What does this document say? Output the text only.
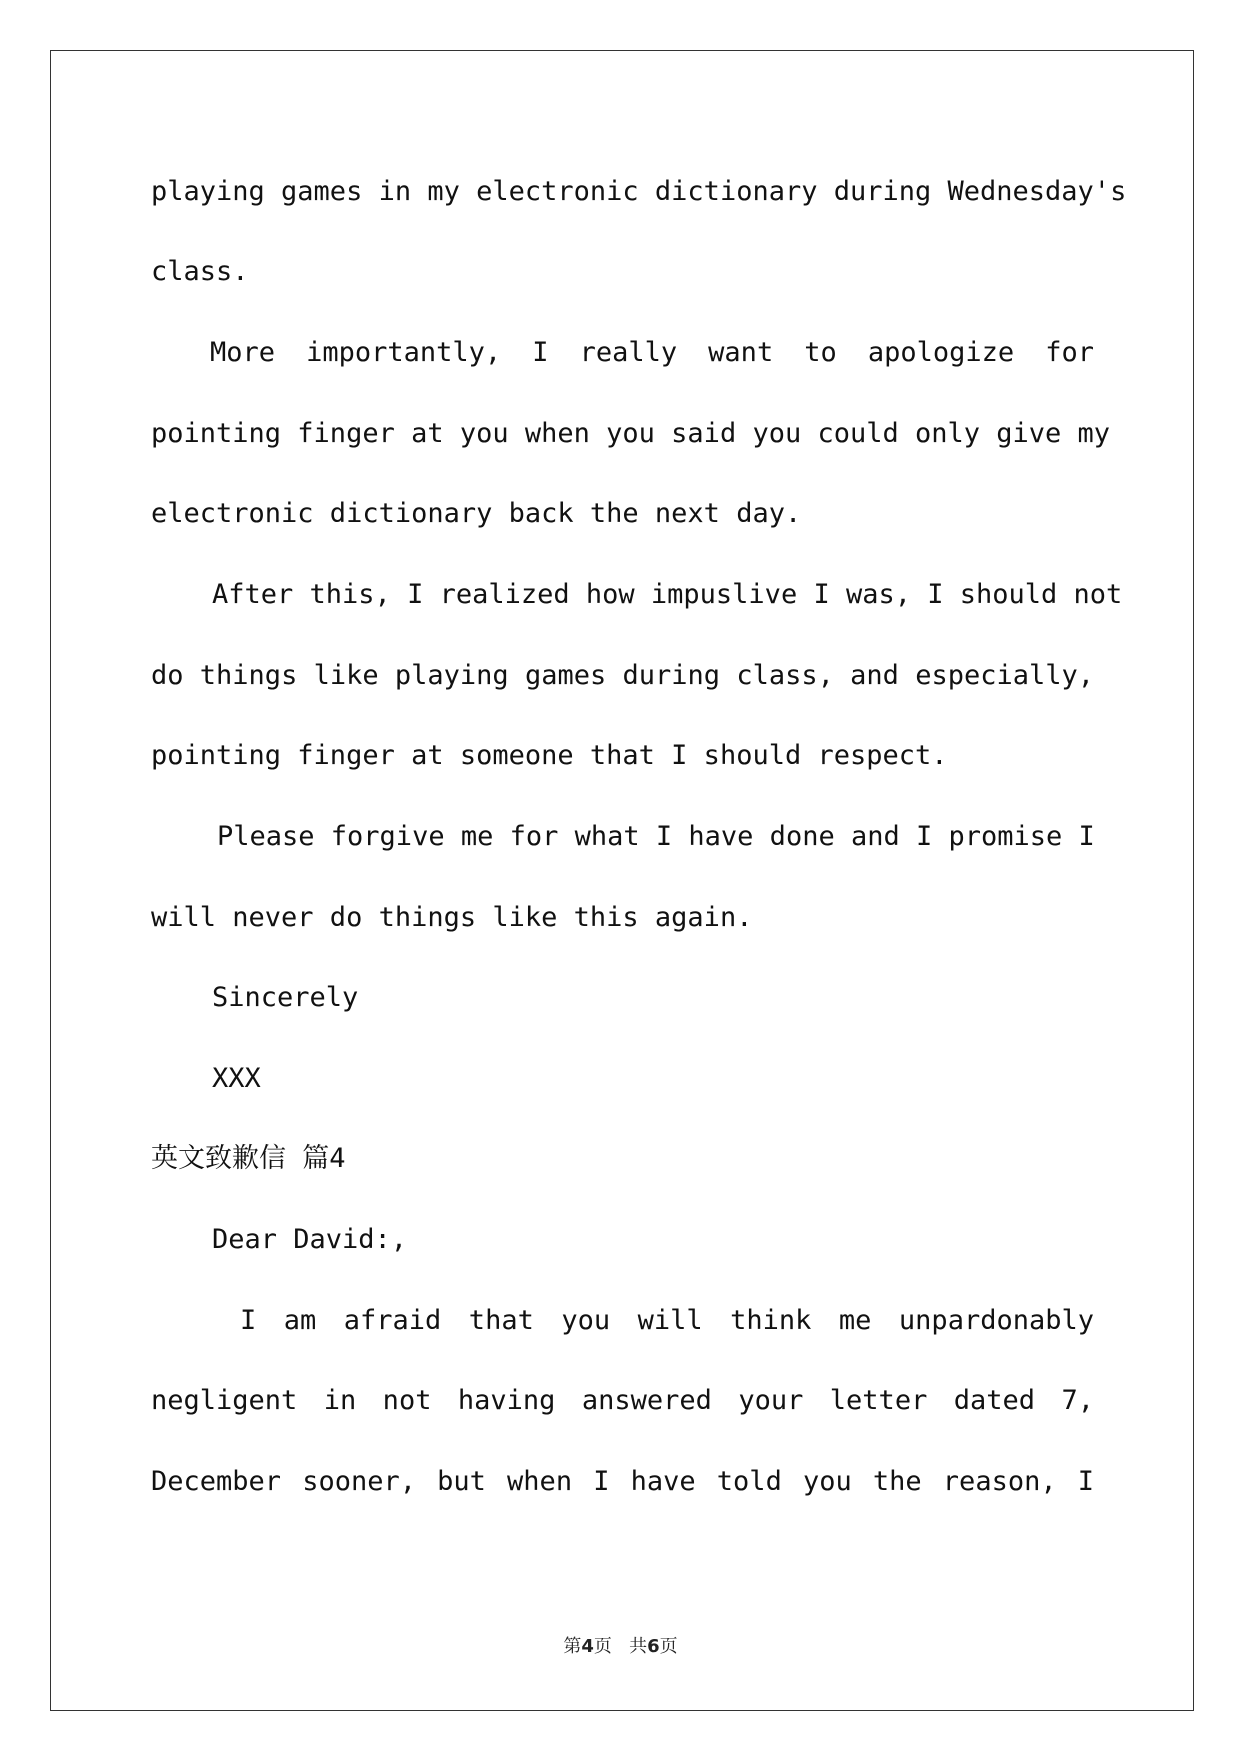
playing games in my electronic dictionary during Wednesday's
class.
More importantly, I really want to apologize for
pointing finger at you when you said you could only give my
electronic dictionary back the next day.
After this, I realized how impuslive I was, I should not
do things like playing games during class, and especially,
pointing finger at someone that I should respect.
Please forgive me for what I have done and I promise I
will never do things like this again.
Sincerely
XXX
英文致歉信 篇4
Dear David:,
I am afraid that you will think me unpardonably
negligent in not having answered your letter dated 7,
December sooner, but when I have told you the reason, I
第4页   共6页
